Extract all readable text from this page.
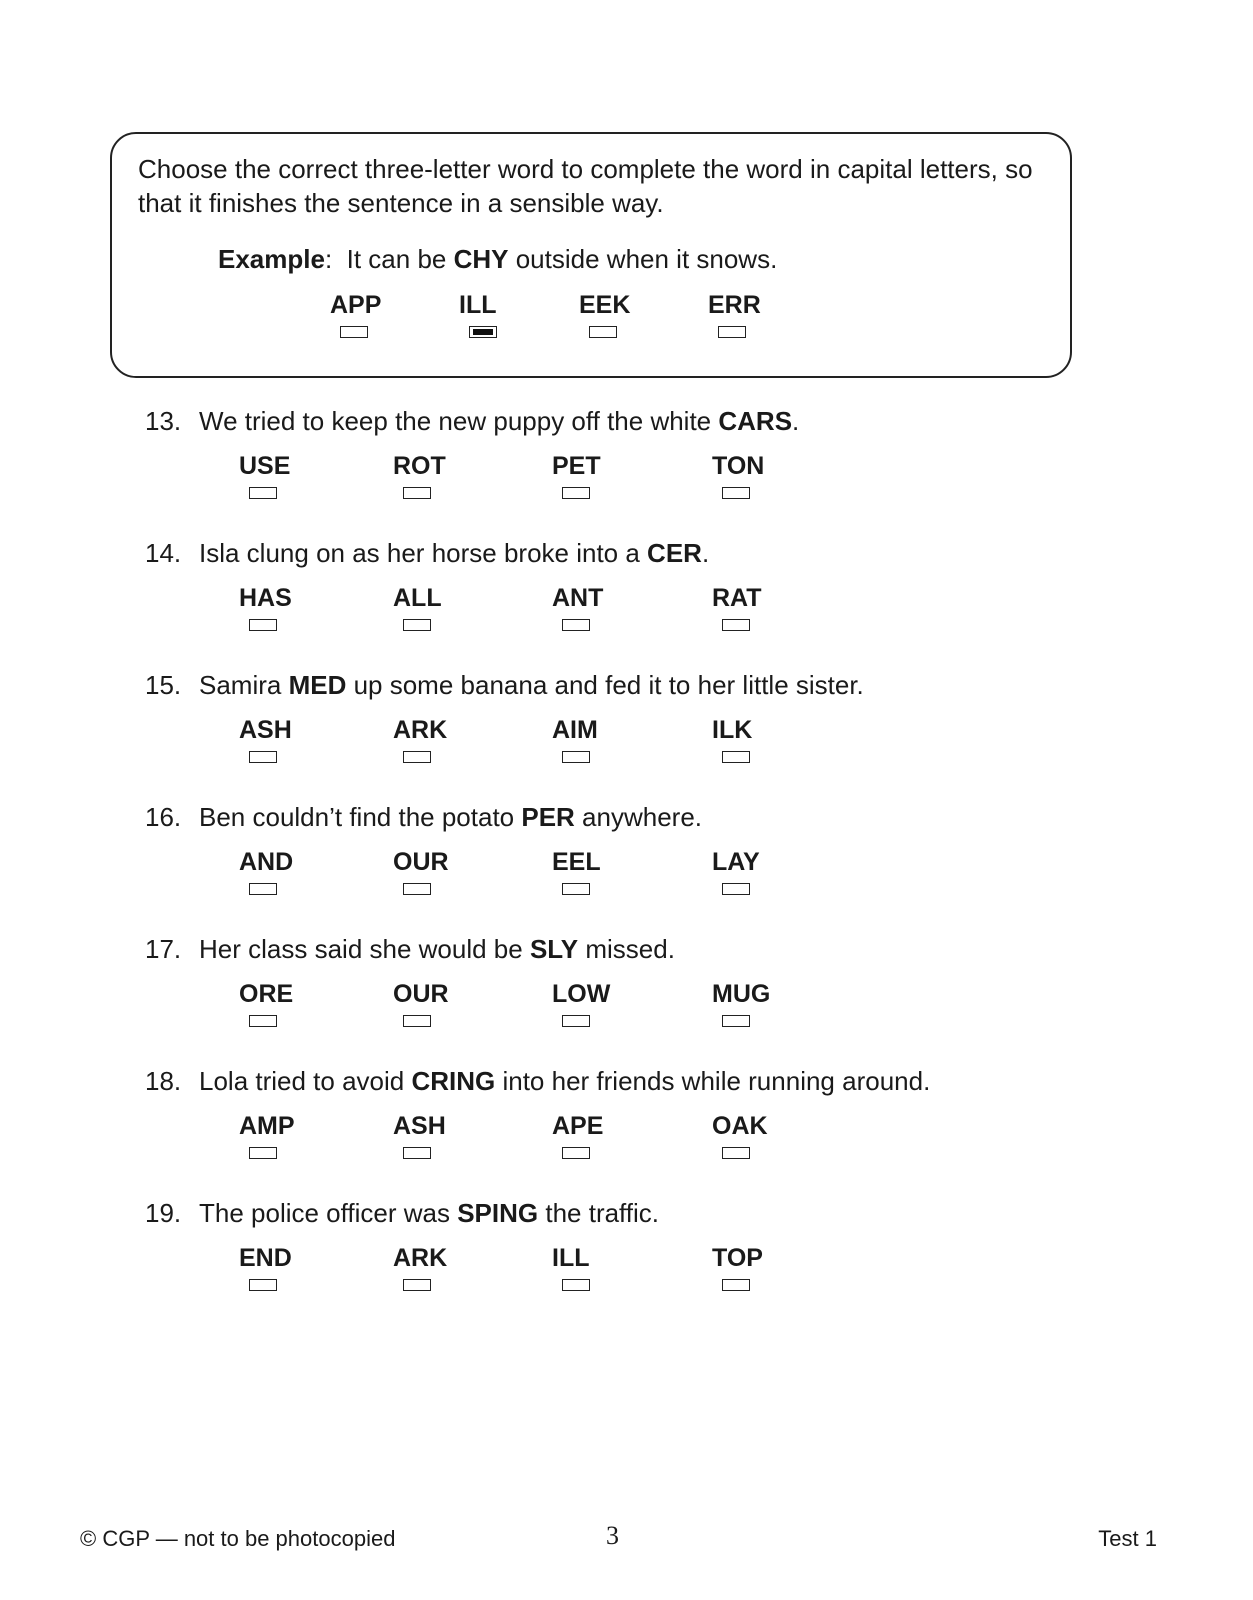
Choose the correct three-letter word to complete the word in capital letters, so that it finishes the sentence in a sensible way.

Example:  It can be CHY outside when it snows.
APP	ILL	EEK	ERR
13. We tried to keep the new puppy off the white CARS.
USE	ROT	PET	TON
14. Isla clung on as her horse broke into a CER.
HAS	ALL	ANT	RAT
15. Samira MED up some banana and fed it to her little sister.
ASH	ARK	AIM	ILK
16. Ben couldn’t find the potato PER anywhere.
AND	OUR	EEL	LAY
17. Her class said she would be SLY missed.
ORE	OUR	LOW	MUG
18. Lola tried to avoid CRING into her friends while running around.
AMP	ASH	APE	OAK
19. The police officer was SPING the traffic.
END	ARK	ILL	TOP
© CGP — not to be photocopied	3	Test 1
